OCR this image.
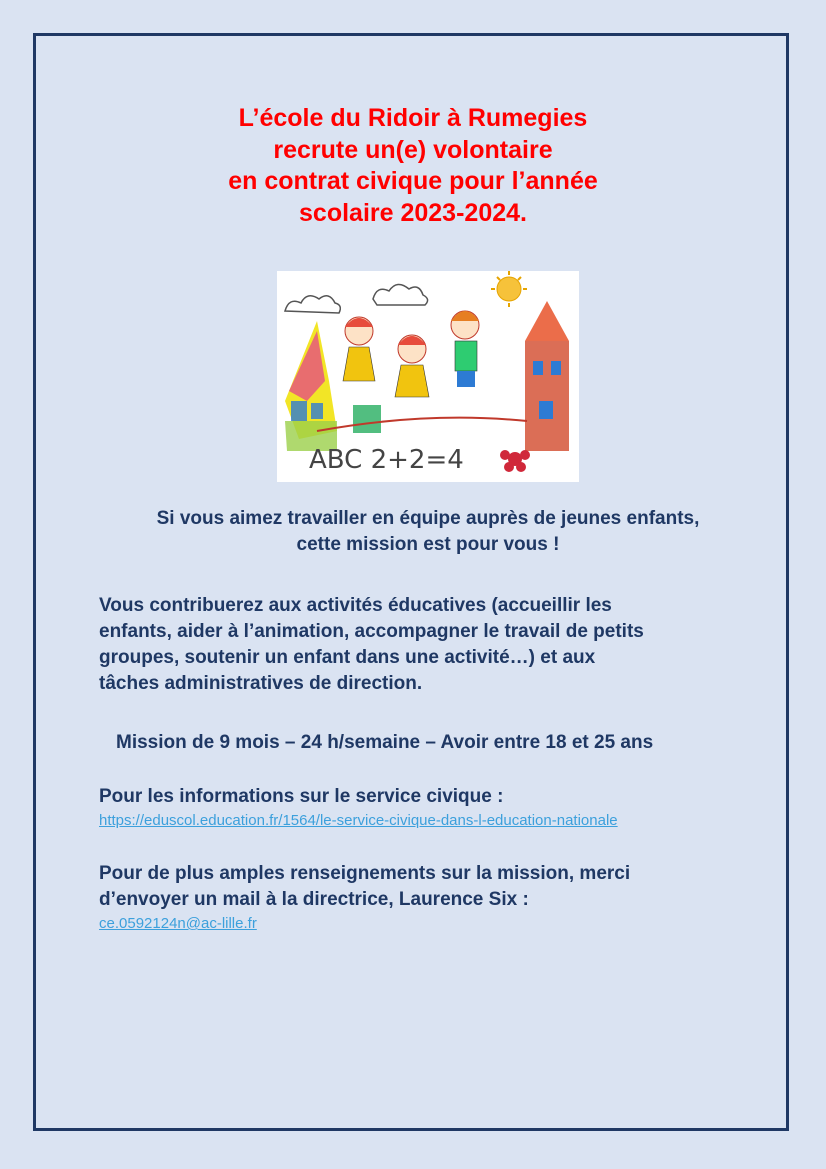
L’école du Ridoir à Rumegies
recrute un(e) volontaire
en contrat civique pour l’année
scolaire 2023-2024.
ABC 2+2=4
Si vous aimez travailler en équipe auprès de jeunes enfants,
cette mission est pour vous !
Vous contribuerez aux activités éducatives (accueillir les
enfants, aider à l’animation, accompagner le travail de petits
groupes, soutenir un enfant dans une activité…) et aux
tâches administratives de direction.
Mission de 9 mois – 24 h/semaine – Avoir entre 18 et 25 ans
Pour les informations sur le service civique :
https://eduscol.education.fr/1564/le-service-civique-dans-l-education-nationale
Pour de plus amples renseignements sur la mission, merci
d’envoyer un mail à la directrice, Laurence Six :
ce.0592124n@ac-lille.fr
